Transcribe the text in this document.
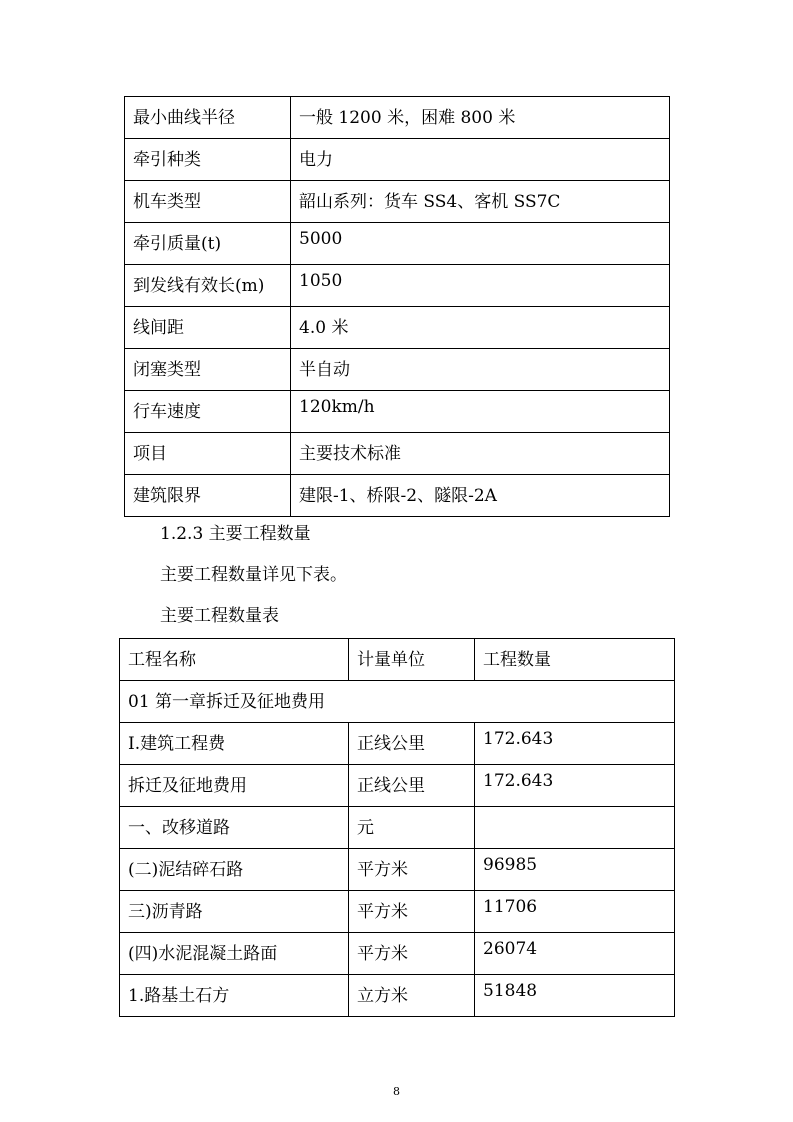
最小曲线半径	一般 1200 米，困难 800 米
牵引种类	电力
机车类型	韶山系列：货车 SS4、客机 SS7C
牵引质量(t)	5000
到发线有效长(m)	1050
线间距	4.0 米
闭塞类型	半自动
行车速度	120km/h
项目	主要技术标准
建筑限界	建限-1、桥限-2、隧限-2A
1.2.3 主要工程数量
主要工程数量详见下表。
主要工程数量表
工程名称	计量单位	工程数量
01 第一章拆迁及征地费用		
I.建筑工程费	正线公里	172.643
拆迁及征地费用	正线公里	172.643
一、改移道路	元	
(二)泥结碎石路	平方米	96985
三)沥青路	平方米	11706
(四)水泥混凝土路面	平方米	26074
1.路基土石方	立方米	51848
8
